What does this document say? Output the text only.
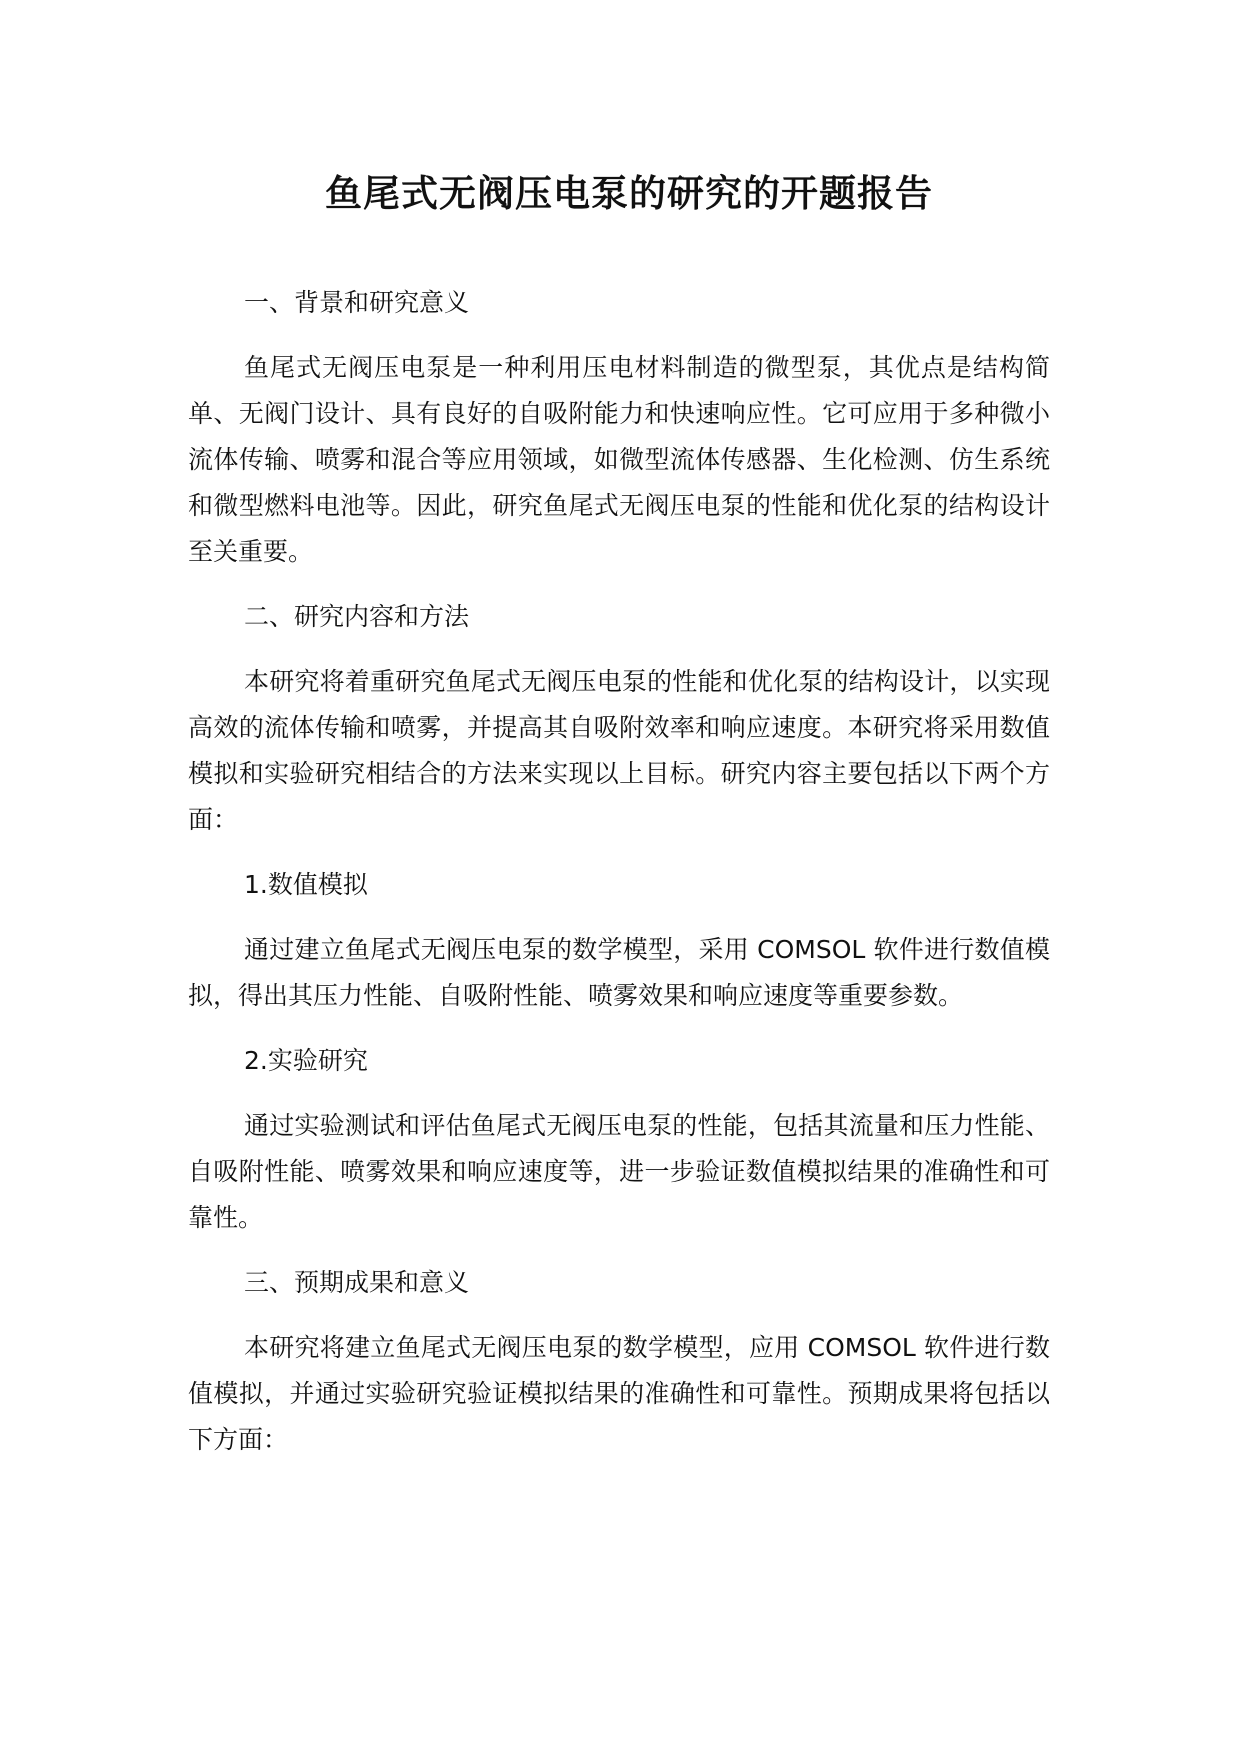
鱼尾式无阀压电泵的研究的开题报告
一、背景和研究意义

鱼尾式无阀压电泵是一种利用压电材料制造的微型泵，其优点是结构简单、无阀门设计、具有良好的自吸附能力和快速响应性。它可应用于多种微小流体传输、喷雾和混合等应用领域，如微型流体传感器、生化检测、仿生系统和微型燃料电池等。因此，研究鱼尾式无阀压电泵的性能和优化泵的结构设计至关重要。

二、研究内容和方法

本研究将着重研究鱼尾式无阀压电泵的性能和优化泵的结构设计，以实现高效的流体传输和喷雾，并提高其自吸附效率和响应速度。本研究将采用数值模拟和实验研究相结合的方法来实现以上目标。研究内容主要包括以下两个方面：

1.数值模拟

通过建立鱼尾式无阀压电泵的数学模型，采用 COMSOL 软件进行数值模拟，得出其压力性能、自吸附性能、喷雾效果和响应速度等重要参数。

2.实验研究

通过实验测试和评估鱼尾式无阀压电泵的性能，包括其流量和压力性能、自吸附性能、喷雾效果和响应速度等，进一步验证数值模拟结果的准确性和可靠性。

三、预期成果和意义

本研究将建立鱼尾式无阀压电泵的数学模型，应用 COMSOL 软件进行数值模拟，并通过实验研究验证模拟结果的准确性和可靠性。预期成果将包括以下方面：
